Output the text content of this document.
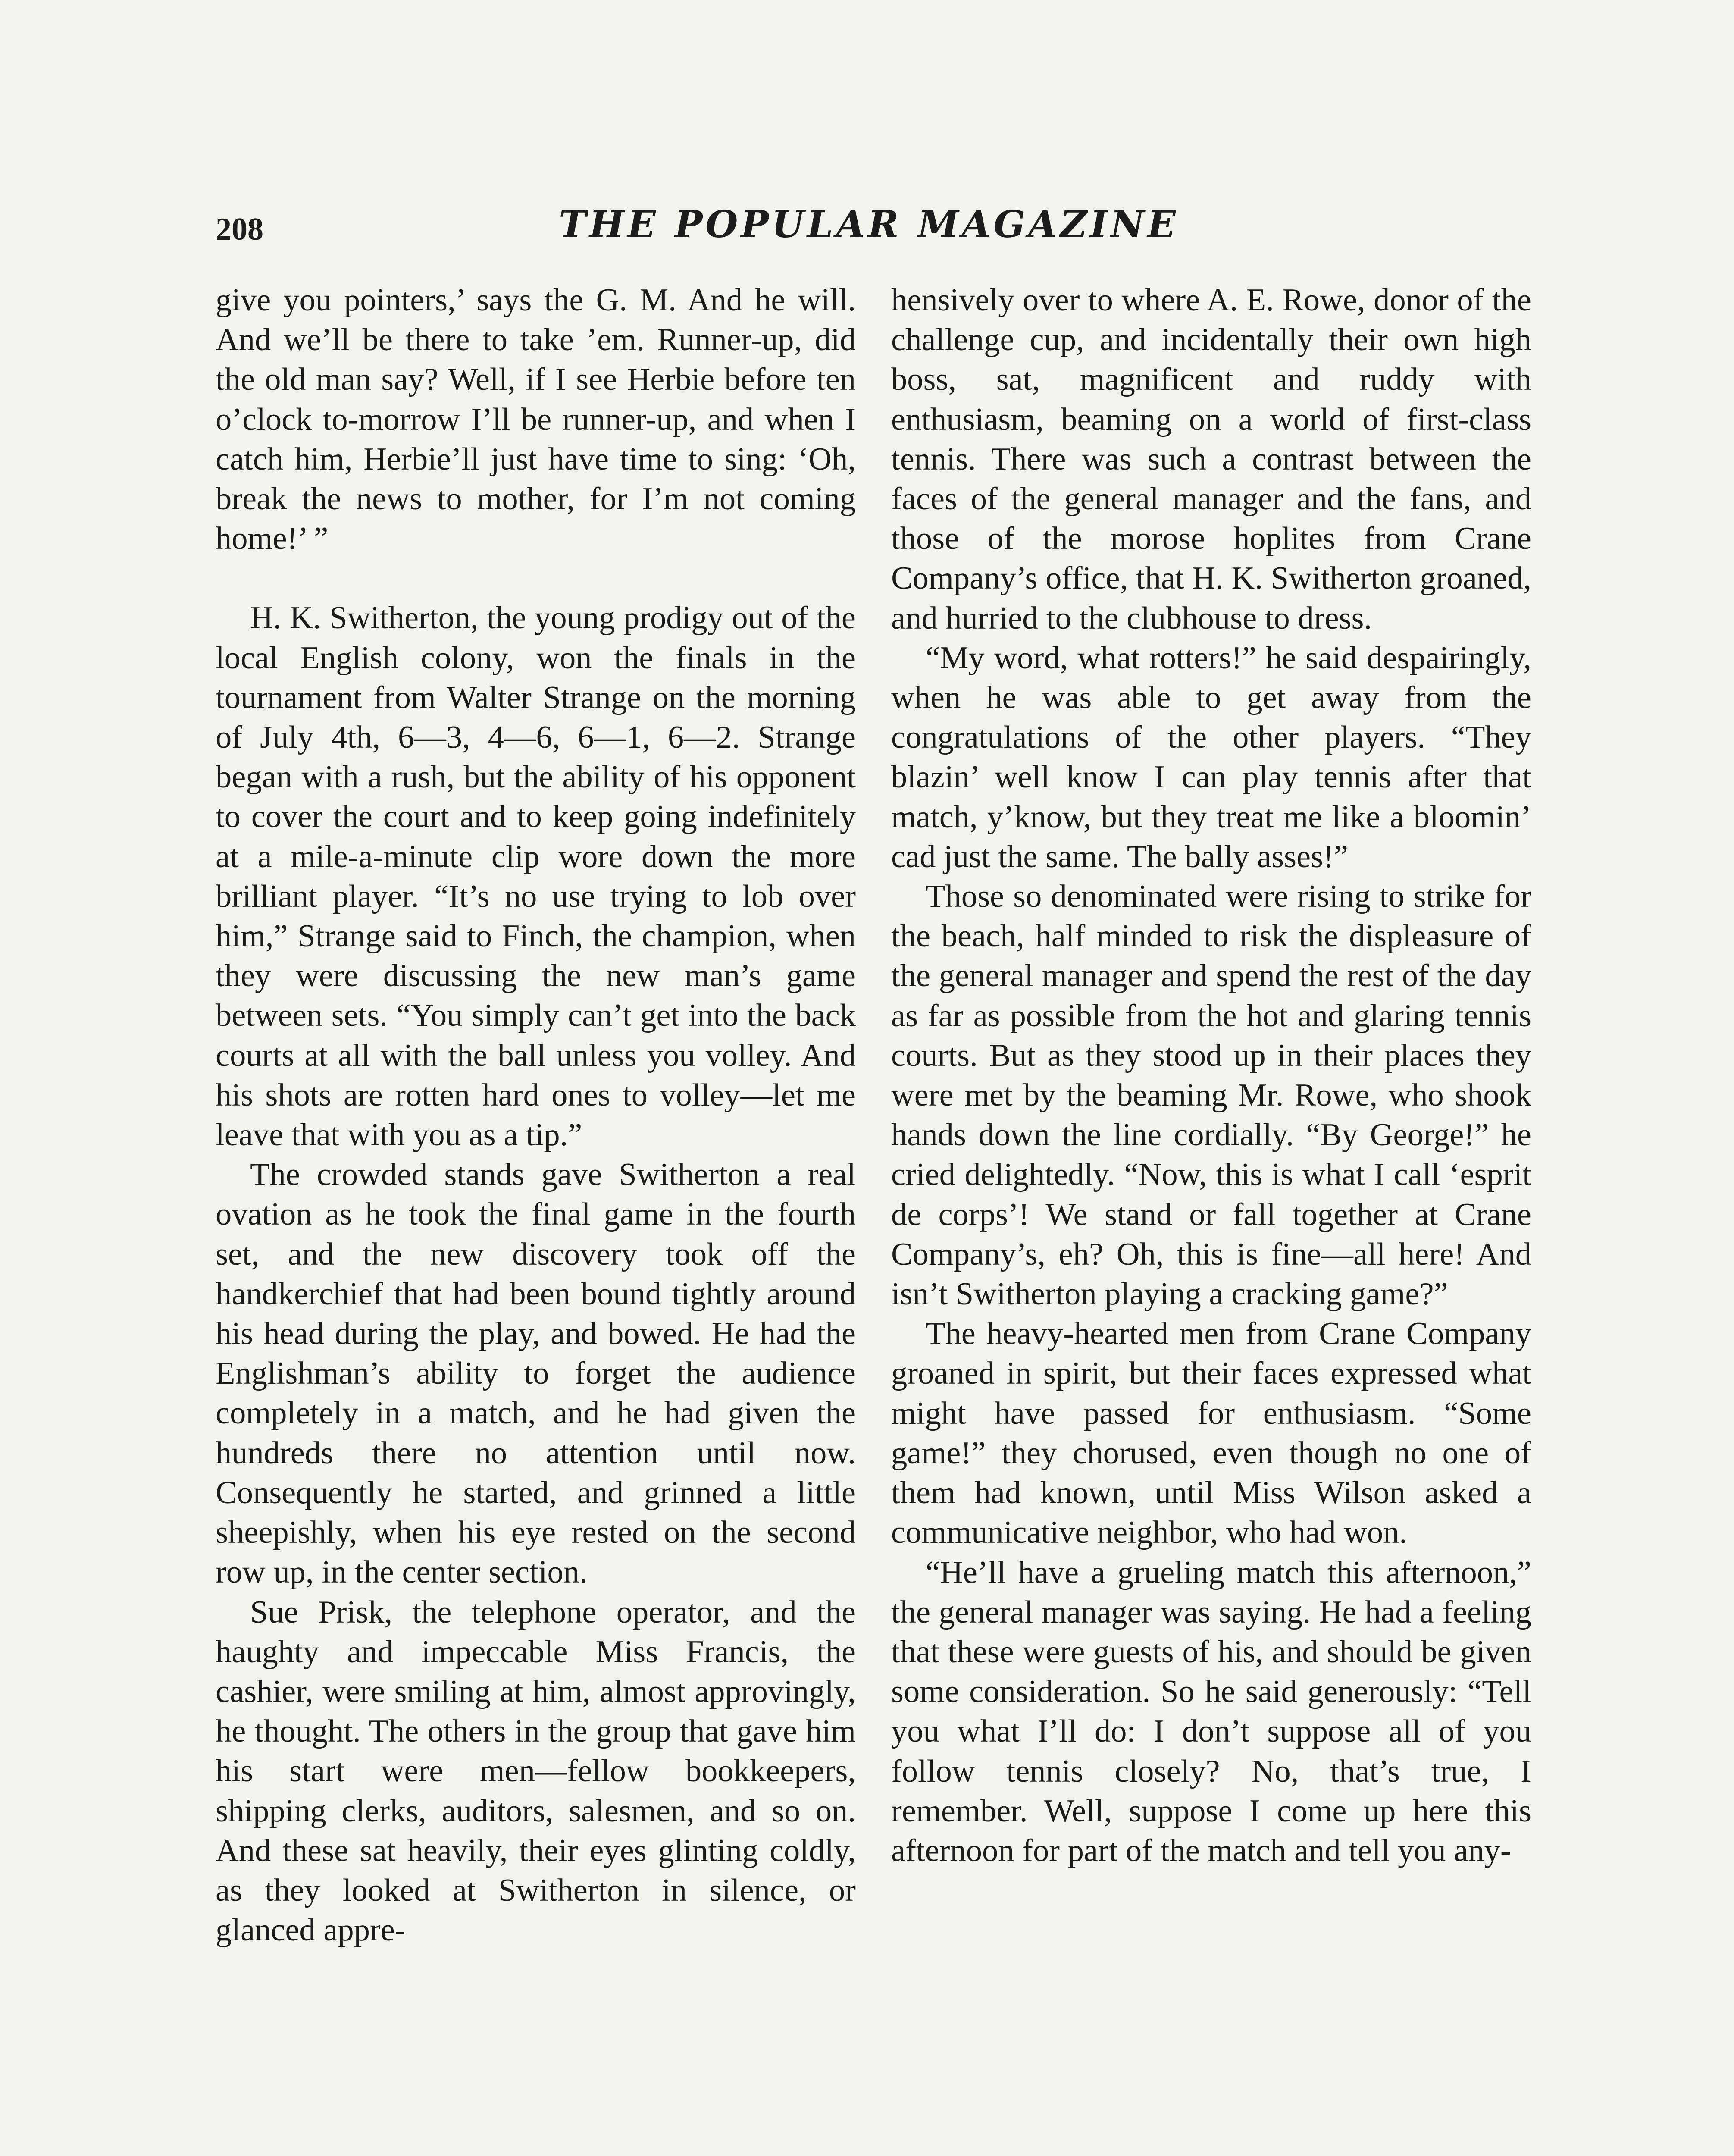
208	THE POPULAR MAGAZINE

give you pointers,’ says the G. M. And he will. And we’ll be there to take ’em. Runner-up, did the old man say? Well, if I see Herbie before ten o’clock to-morrow I’ll be runner-up, and when I catch him, Herbie’ll just have time to sing: ‘Oh, break the news to mother, for I’m not coming home!’ ”

H. K. Switherton, the young prodigy out of the local English colony, won the finals in the tournament from Walter Strange on the morning of July 4th, 6—3, 4—6, 6—1, 6—2. Strange began with a rush, but the ability of his opponent to cover the court and to keep going indefinitely at a mile-a-minute clip wore down the more brilliant player. “It’s no use trying to lob over him,” Strange said to Finch, the champion, when they were discussing the new man’s game between sets. “You simply can’t get into the back courts at all with the ball unless you volley. And his shots are rotten hard ones to volley—let me leave that with you as a tip.”

The crowded stands gave Switherton a real ovation as he took the final game in the fourth set, and the new discovery took off the handkerchief that had been bound tightly around his head during the play, and bowed. He had the Englishman’s ability to forget the audience completely in a match, and he had given the hundreds there no attention until now. Consequently he started, and grinned a little sheepishly, when his eye rested on the second row up, in the center section.

Sue Prisk, the telephone operator, and the haughty and impeccable Miss Francis, the cashier, were smiling at him, almost approvingly, he thought. The others in the group that gave him his start were men—fellow bookkeepers, shipping clerks, auditors, salesmen, and so on. And these sat heavily, their eyes glinting coldly, as they looked at Switherton in silence, or glanced appre-

hensively over to where A. E. Rowe, donor of the challenge cup, and incidentally their own high boss, sat, magnificent and ruddy with enthusiasm, beaming on a world of first-class tennis. There was such a contrast between the faces of the general manager and the fans, and those of the morose hoplites from Crane Company’s office, that H. K. Switherton groaned, and hurried to the clubhouse to dress.

“My word, what rotters!” he said despairingly, when he was able to get away from the congratulations of the other players. “They blazin’ well know I can play tennis after that match, y’know, but they treat me like a bloomin’ cad just the same. The bally asses!”

Those so denominated were rising to strike for the beach, half minded to risk the displeasure of the general manager and spend the rest of the day as far as possible from the hot and glaring tennis courts. But as they stood up in their places they were met by the beaming Mr. Rowe, who shook hands down the line cordially. “By George!” he cried delightedly. “Now, this is what I call ‘esprit de corps’! We stand or fall together at Crane Company’s, eh? Oh, this is fine—all here! And isn’t Switherton playing a cracking game?”

The heavy-hearted men from Crane Company groaned in spirit, but their faces expressed what might have passed for enthusiasm. “Some game!” they chorused, even though no one of them had known, until Miss Wilson asked a communicative neighbor, who had won.

“He’ll have a grueling match this afternoon,” the general manager was saying. He had a feeling that these were guests of his, and should be given some consideration. So he said generously: “Tell you what I’ll do: I don’t suppose all of you follow tennis closely? No, that’s true, I remember. Well, suppose I come up here this afternoon for part of the match and tell you any-
